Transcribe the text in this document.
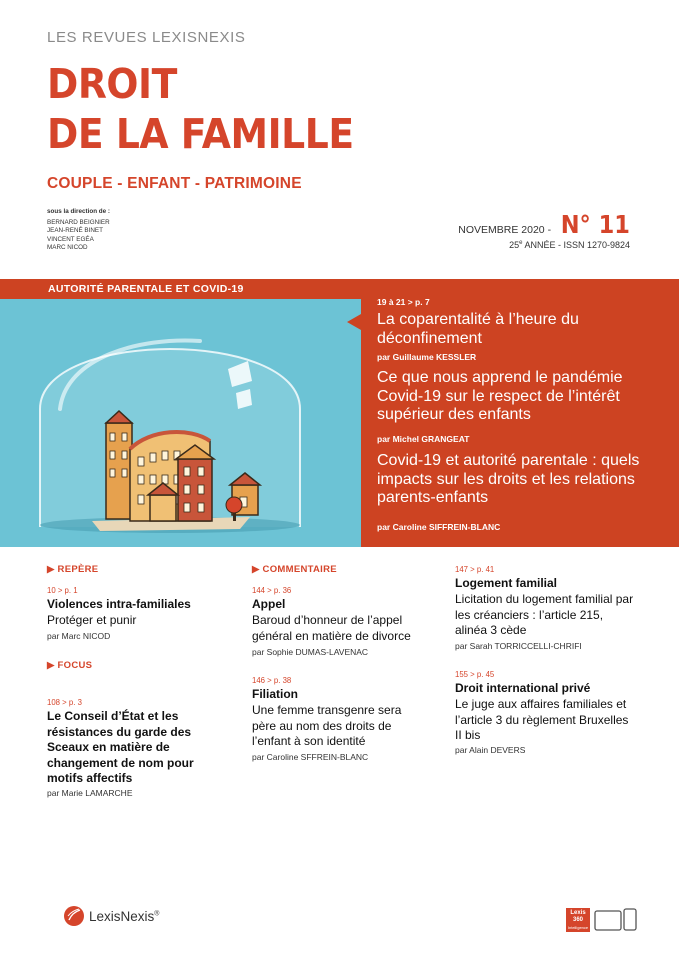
LES REVUES LEXISNEXIS
DROIT
DE LA FAMILLE
COUPLE - ENFANT - PATRIMOINE
sous la direction de :
BERNARD BEIGNIER
JEAN-RENÉ BINET
VINCENT EGÉA
MARC NICOD
NOVEMBRE 2020 - N° 11
25e ANNÉE - ISSN 1270-9824
AUTORITÉ PARENTALE ET COVID-19
19 à 21 > p. 7
La coparentalité à l’heure du déconfinement
par Guillaume KESSLER
Ce que nous apprend le pandémie Covid-19 sur le respect de l’intérêt supérieur des enfants
par Michel GRANGEAT
Covid-19 et autorité parentale : quels impacts sur les droits et les relations parents-enfants
par Caroline SIFFREIN-BLANC
▶ REPÈRE
10 > p. 1
Violences intra-familiales
Protéger et punir
par Marc NICOD
▶ FOCUS
108 > p. 3
Le Conseil d’État et les résistances du garde des Sceaux en matière de changement de nom pour motifs affectifs
par Marie LAMARCHE
▶ COMMENTAIRE
144 > p. 36
Appel
Baroud d’honneur de l’appel général en matière de divorce
par Sophie DUMAS-LAVENAC
146 > p. 38
Filiation
Une femme transgenre sera père au nom des droits de l’enfant à son identité
par Caroline SFFREIN-BLANC
147 > p. 41
Logement familial
Licitation du logement familial par les créanciers : l’article 215, alinéa 3 cède
par Sarah TORRICCELLI-CHRIFI
155 > p. 45
Droit international privé
Le juge aux affaires familiales et l’article 3 du règlement Bruxelles II bis
par Alain DEVERS
LexisNexis®	Lexis
360
Intelligence
